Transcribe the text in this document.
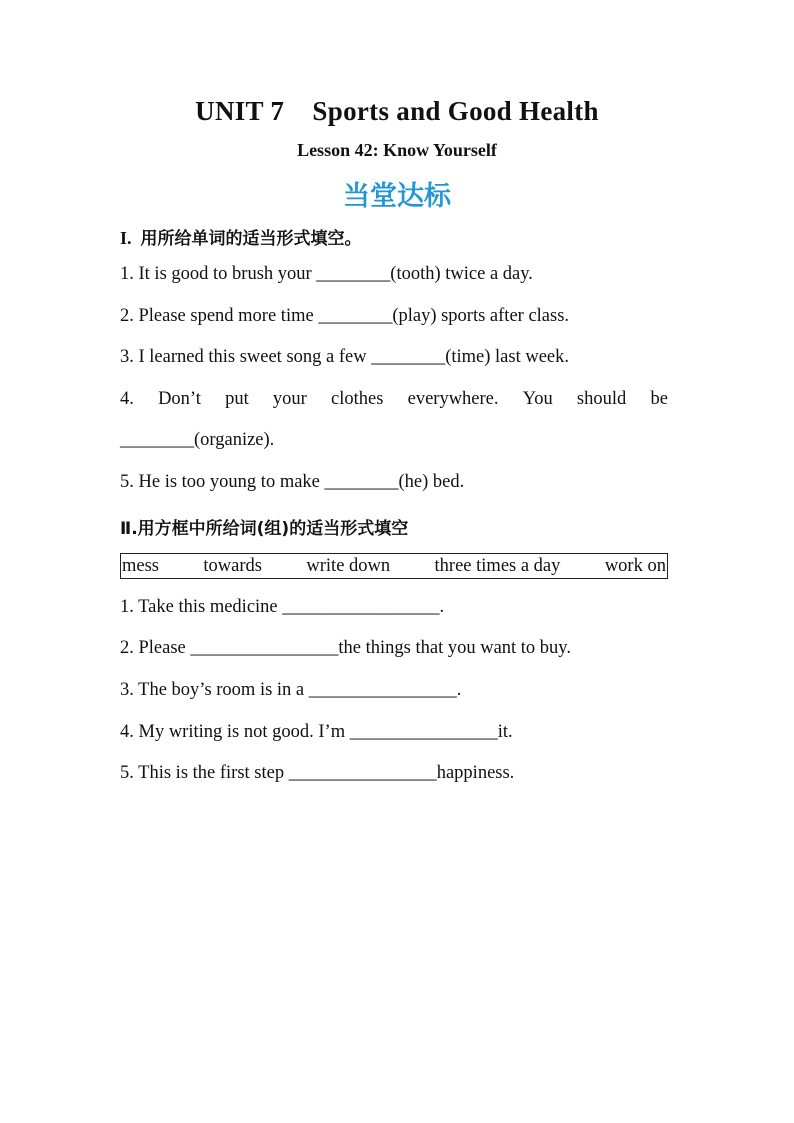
UNIT 7    Sports and Good Health
Lesson 42: Know Yourself
当堂达标
I. 用所给单词的适当形式填空。
1. It is good to brush your ________(tooth) twice a day.
2. Please spend more time ________(play) sports after class.
3. I learned this sweet song a few ________(time) last week.
4. Don’t put your clothes everywhere. You should be
________(organize).
5. He is too young to make ________(he) bed.
Ⅱ.用方框中所给词(组)的适当形式填空
mess towards write down three times a day work on
1. Take this medicine _________________.
2. Please ________________the things that you want to buy.
3. The boy’s room is in a ________________.
4. My writing is not good. I’m ________________it.
5. This is the first step ________________happiness.
